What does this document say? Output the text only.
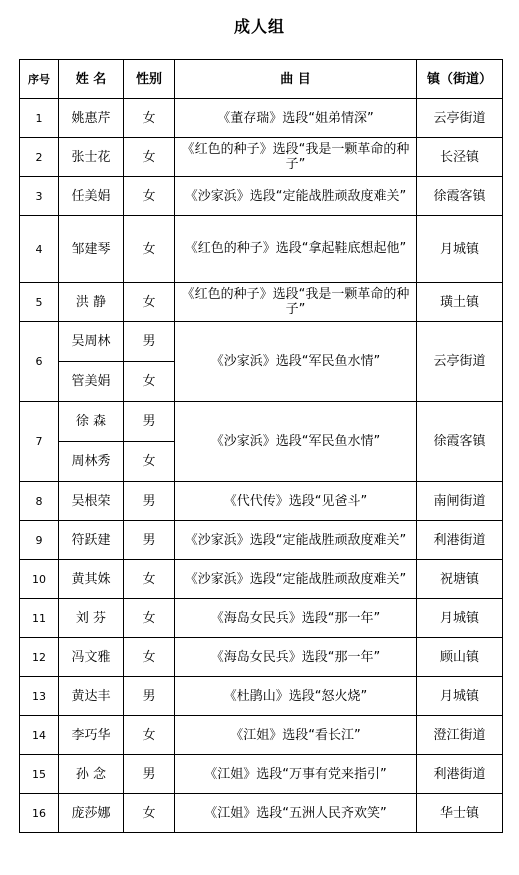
成人组
序号	姓 名	性别	曲 目	镇（街道）
1	姚惠芹	女	《董存瑞》选段“姐弟情深”	云亭街道
2	张士花	女	《红色的种子》选段“我是一颗革命的种子”	长泾镇
3	任美娟	女	《沙家浜》选段“定能战胜顽敌度难关”	徐霞客镇
4	邹建琴	女	《红色的种子》选段“拿起鞋底想起他”	月城镇
5	洪 静	女	《红色的种子》选段“我是一颗革命的种子”	璜土镇
6	吴周林	男	《沙家浜》选段“军民鱼水情”	云亭街道
	管美娟	女		
7	徐 森	男	《沙家浜》选段“军民鱼水情”	徐霞客镇
	周林秀	女		
8	吴根荣	男	《代代传》选段“见爸斗”	南闸街道
9	符跃建	男	《沙家浜》选段“定能战胜顽敌度难关”	利港街道
10	黄其姝	女	《沙家浜》选段“定能战胜顽敌度难关”	祝塘镇
11	刘 芬	女	《海岛女民兵》选段“那一年”	月城镇
12	冯文雅	女	《海岛女民兵》选段“那一年”	顾山镇
13	黄达丰	男	《杜鹃山》选段“怒火烧”	月城镇
14	李巧华	女	《江姐》选段“看长江”	澄江街道
15	孙 念	男	《江姐》选段“万事有党来指引”	利港街道
16	庞莎娜	女	《江姐》选段“五洲人民齐欢笑”	华士镇
